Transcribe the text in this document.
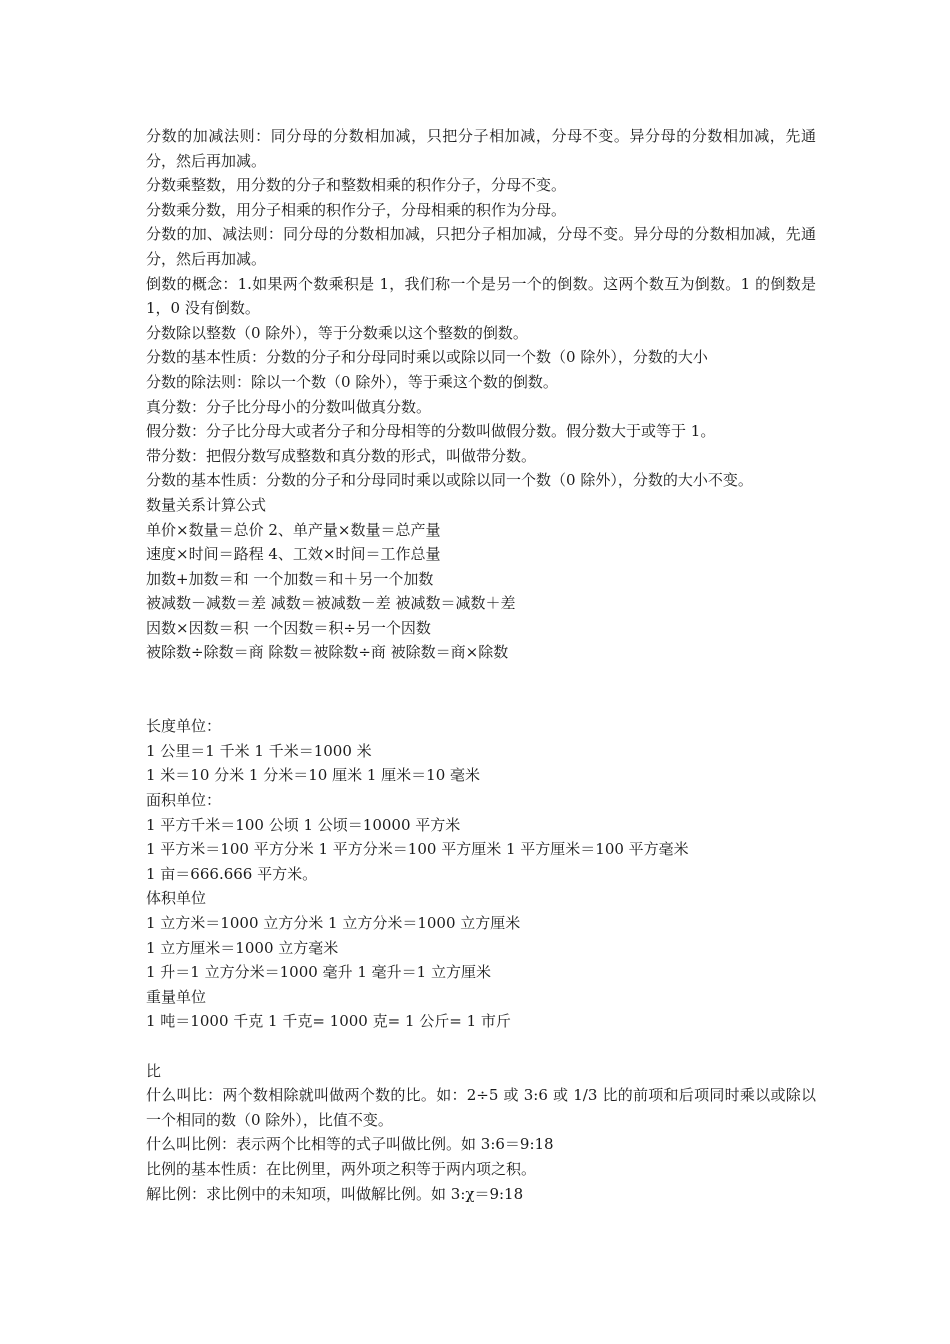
分数的加减法则：同分母的分数相加减，只把分子相加减，分母不变。异分母的分数相加减，先通分，然后再加减。

分数乘整数，用分数的分子和整数相乘的积作分子，分母不变。

分数乘分数，用分子相乘的积作分子，分母相乘的积作为分母。

分数的加、减法则：同分母的分数相加减，只把分子相加减，分母不变。异分母的分数相加减，先通分，然后再加减。

倒数的概念：1.如果两个数乘积是 1，我们称一个是另一个的倒数。这两个数互为倒数。1 的倒数是 1，0 没有倒数。

分数除以整数（0 除外），等于分数乘以这个整数的倒数。

分数的基本性质：分数的分子和分母同时乘以或除以同一个数（0 除外），分数的大小

分数的除法则：除以一个数（0 除外），等于乘这个数的倒数。

真分数：分子比分母小的分数叫做真分数。

假分数：分子比分母大或者分子和分母相等的分数叫做假分数。假分数大于或等于 1。

带分数：把假分数写成整数和真分数的形式，叫做带分数。

分数的基本性质：分数的分子和分母同时乘以或除以同一个数（0 除外），分数的大小不变。

数量关系计算公式

单价×数量＝总价 2、单产量×数量＝总产量

速度×时间＝路程 4、工效×时间＝工作总量

加数+加数＝和 一个加数＝和＋另一个加数

被减数－减数＝差 减数＝被减数－差 被减数＝减数＋差

因数×因数＝积 一个因数＝积÷另一个因数

被除数÷除数＝商 除数＝被除数÷商 被除数＝商×除数

长度单位：

1 公里＝1 千米 1 千米＝1000 米

1 米＝10 分米 1 分米＝10 厘米 1 厘米＝10 毫米

面积单位：

1 平方千米＝100 公顷 1 公顷＝10000 平方米

1 平方米＝100 平方分米 1 平方分米＝100 平方厘米 1 平方厘米＝100 平方毫米

1 亩＝666.666 平方米。

体积单位

1 立方米＝1000 立方分米 1 立方分米＝1000 立方厘米

1 立方厘米＝1000 立方毫米

1 升＝1 立方分米＝1000 毫升 1 毫升＝1 立方厘米

重量单位

1 吨＝1000 千克 1 千克= 1000 克= 1 公斤= 1 市斤

比

什么叫比：两个数相除就叫做两个数的比。如：2÷5 或 3:6 或 1/3 比的前项和后项同时乘以或除以一个相同的数（0 除外），比值不变。

什么叫比例：表示两个比相等的式子叫做比例。如 3:6＝9:18

比例的基本性质：在比例里，两外项之积等于两内项之积。

解比例：求比例中的未知项，叫做解比例。如 3:χ＝9:18
